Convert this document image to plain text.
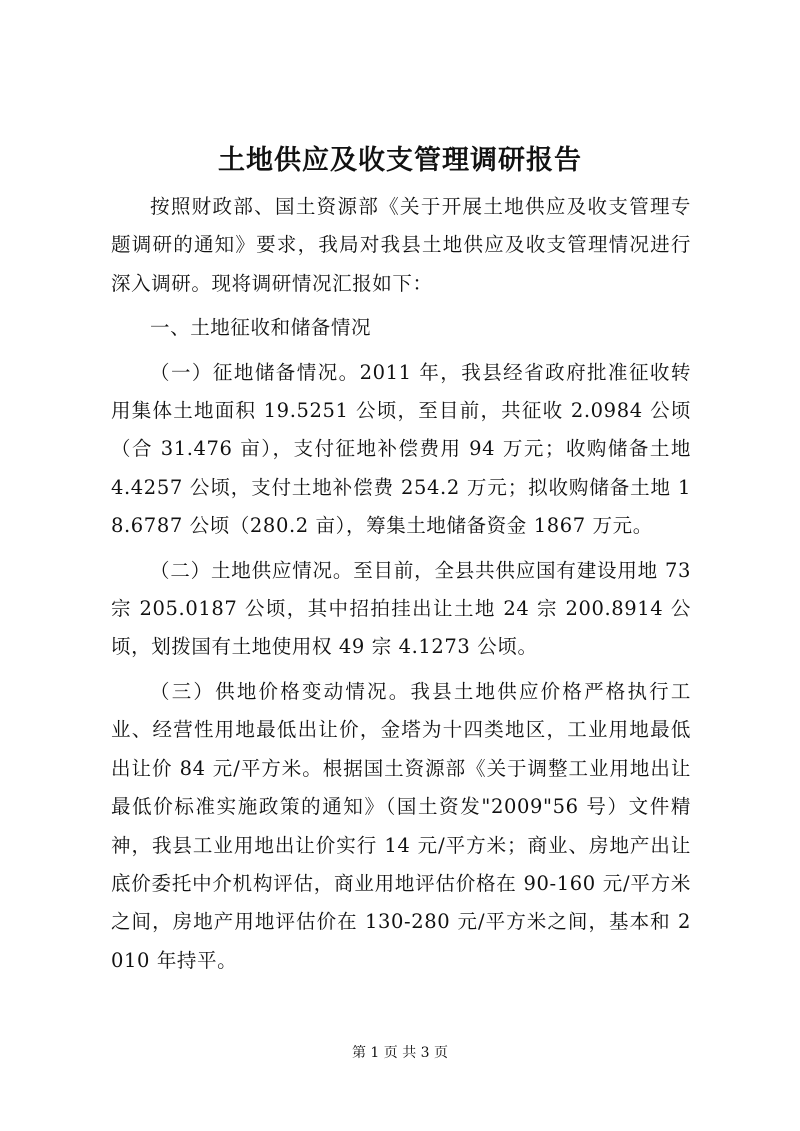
土地供应及收支管理调研报告

按照财政部、国土资源部《关于开展土地供应及收支管理专题调研的通知》要求，我局对我县土地供应及收支管理情况进行深入调研。现将调研情况汇报如下：

一、土地征收和储备情况

（一）征地储备情况。2011 年，我县经省政府批准征收转用集体土地面积 19.5251 公顷，至目前，共征收 2.0984 公顷（合 31.476 亩），支付征地补偿费用 94 万元；收购储备土地 4.4257 公顷，支付土地补偿费 254.2 万元；拟收购储备土地 18.6787 公顷（280.2 亩），筹集土地储备资金 1867 万元。

（二）土地供应情况。至目前，全县共供应国有建设用地 73 宗 205.0187 公顷，其中招拍挂出让土地 24 宗 200.8914 公顷，划拨国有土地使用权 49 宗 4.1273 公顷。

（三）供地价格变动情况。我县土地供应价格严格执行工业、经营性用地最低出让价，金塔为十四类地区，工业用地最低出让价 84 元/平方米。根据国土资源部《关于调整工业用地出让最低价标准实施政策的通知》（国土资发"2009"56 号）文件精神，我县工业用地出让价实行 14 元/平方米；商业、房地产出让底价委托中介机构评估，商业用地评估价格在 90-160 元/平方米之间，房地产用地评估价在 130-280 元/平方米之间，基本和 2010 年持平。

第 1 页 共 3 页
